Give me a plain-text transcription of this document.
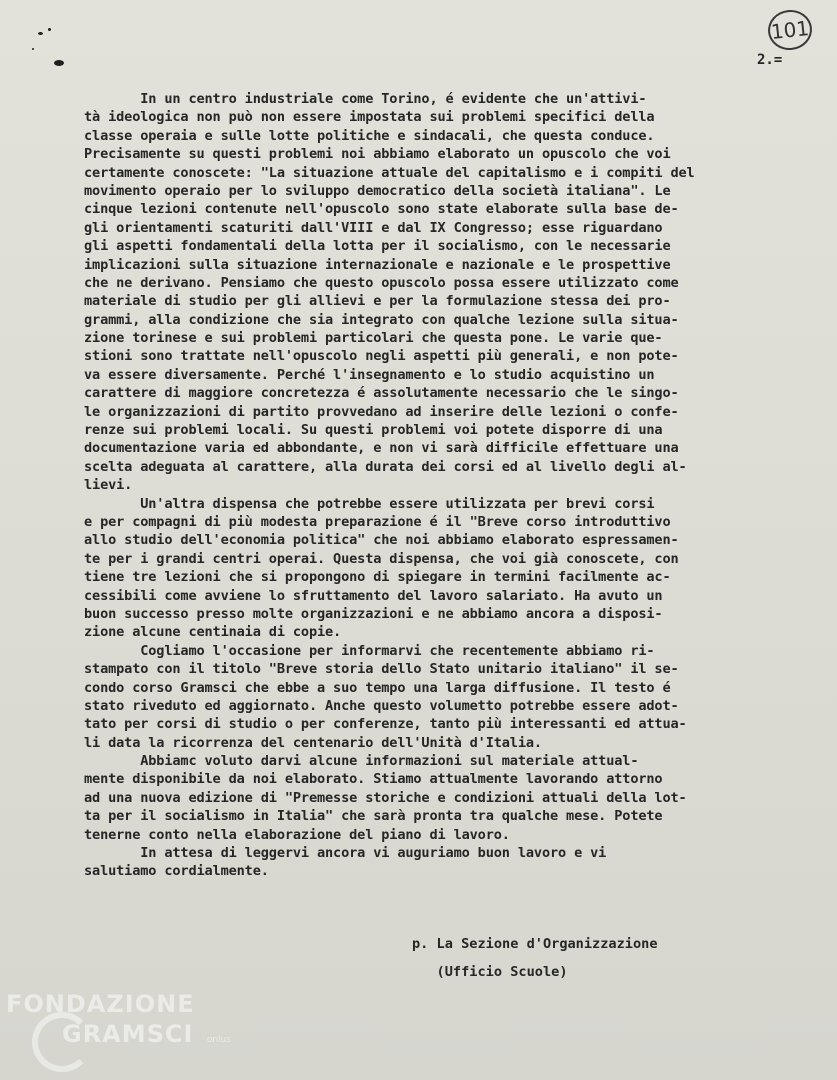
101
2.=
In un centro industriale come Torino, é evidente che un'attivi-
tà ideologica non può non essere impostata sui problemi specifici della
classe operaia e sulle lotte politiche e sindacali, che questa conduce.
Precisamente su questi problemi noi abbiamo elaborato un opuscolo che voi
certamente conoscete: "La situazione attuale del capitalismo e i compiti del
movimento operaio per lo sviluppo democratico della società italiana". Le
cinque lezioni contenute nell'opuscolo sono state elaborate sulla base de-
gli orientamenti scaturiti dall'VIII e dal IX Congresso; esse riguardano
gli aspetti fondamentali della lotta per il socialismo, con le necessarie
implicazioni sulla situazione internazionale e nazionale e le prospettive
che ne derivano. Pensiamo che questo opuscolo possa essere utilizzato come
materiale di studio per gli allievi e per la formulazione stessa dei pro-
grammi, alla condizione che sia integrato con qualche lezione sulla situa-
zione torinese e sui problemi particolari che questa pone. Le varie que-
stioni sono trattate nell'opuscolo negli aspetti più generali, e non pote-
va essere diversamente. Perché l'insegnamento e lo studio acquistino un
carattere di maggiore concretezza é assolutamente necessario che le singo-
le organizzazioni di partito provvedano ad inserire delle lezioni o confe-
renze sui problemi locali. Su questi problemi voi potete disporre di una
documentazione varia ed abbondante, e non vi sarà difficile effettuare una
scelta adeguata al carattere, alla durata dei corsi ed al livello degli al-
lievi.
Un'altra dispensa che potrebbe essere utilizzata per brevi corsi
e per compagni di più modesta preparazione é il "Breve corso introduttivo
allo studio dell'economia politica" che noi abbiamo elaborato espressamen-
te per i grandi centri operai. Questa dispensa, che voi già conoscete, con
tiene tre lezioni che si propongono di spiegare in termini facilmente ac-
cessibili come avviene lo sfruttamento del lavoro salariato. Ha avuto un
buon successo presso molte organizzazioni e ne abbiamo ancora a disposi-
zione alcune centinaia di copie.
Cogliamo l'occasione per informarvi che recentemente abbiamo ri-
stampato con il titolo "Breve storia dello Stato unitario italiano" il se-
condo corso Gramsci che ebbe a suo tempo una larga diffusione. Il testo é
stato riveduto ed aggiornato. Anche questo volumetto potrebbe essere adot-
tato per corsi di studio o per conferenze, tanto più interessanti ed attua-
li data la ricorrenza del centenario dell'Unità d'Italia.
Abbiamc voluto darvi alcune informazioni sul materiale attual-
mente disponibile da noi elaborato. Stiamo attualmente lavorando attorno
ad una nuova edizione di "Premesse storiche e condizioni attuali della lot-
ta per il socialismo in Italia" che sarà pronta tra qualche mese. Potete
tenerne conto nella elaborazione del piano di lavoro.
In attesa di leggervi ancora vi auguriamo buon lavoro e vi
salutiamo cordialmente.
p. La Sezione d'Organizzazione
(Ufficio Scuole)
FONDAZIONE
GRAMSCI onlus
